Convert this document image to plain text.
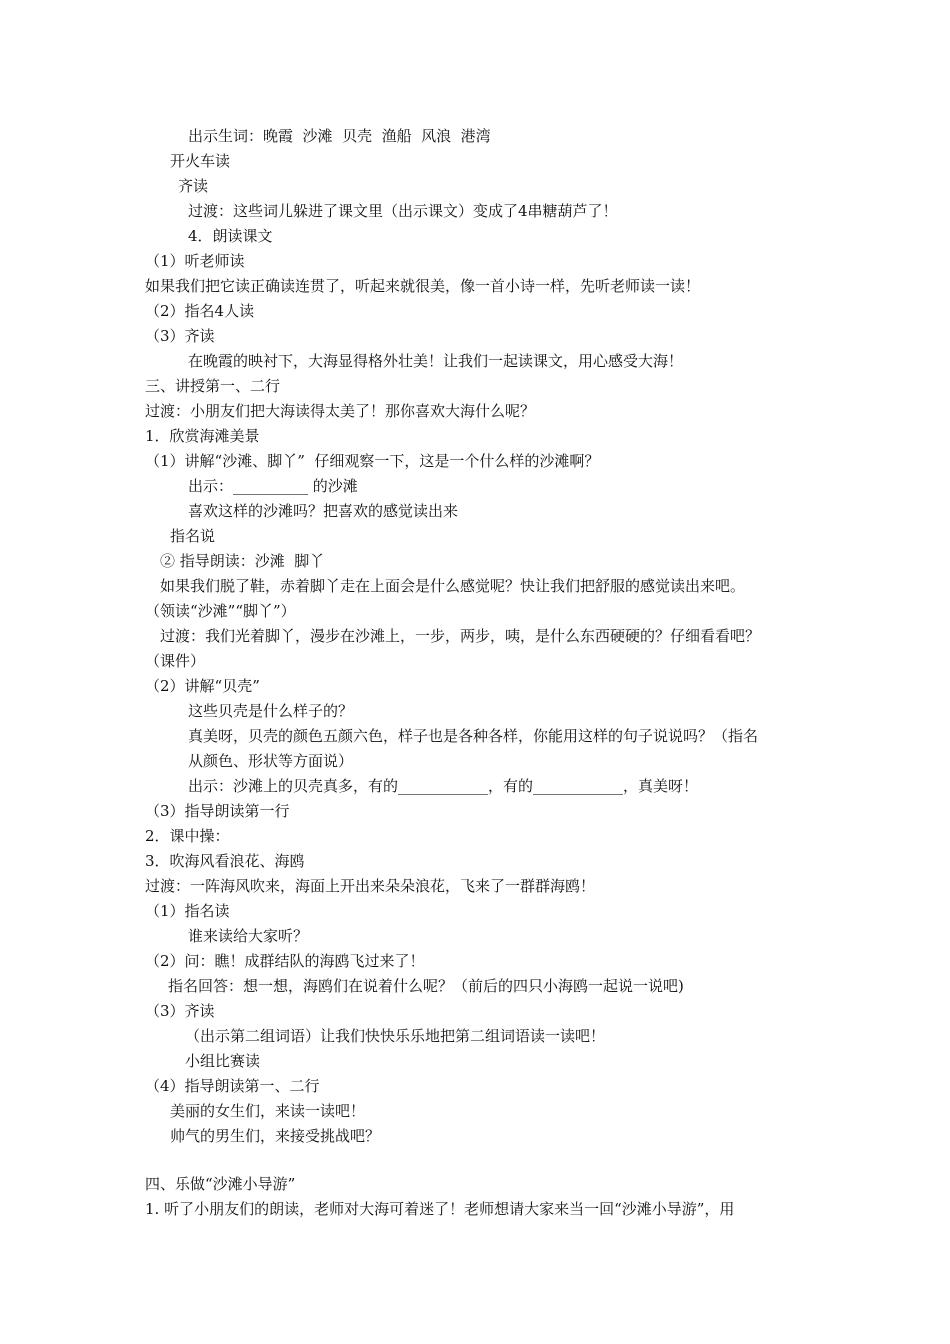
出示生词：晚霞  沙滩  贝壳  渔船  风浪  港湾
开火车读
齐读
过渡：这些词儿躲进了课文里（出示课文）变成了4串糖葫芦了！
4．朗读课文
（1）听老师读
如果我们把它读正确读连贯了，听起来就很美，像一首小诗一样，先听老师读一读！
（2）指名4人读
（3）齐读
在晚霞的映衬下，大海显得格外壮美！让我们一起读课文，用心感受大海！
三、讲授第一、二行
过渡：小朋友们把大海读得太美了！那你喜欢大海什么呢？
1．欣赏海滩美景
（1）讲解“沙滩、脚丫”  仔细观察一下，这是一个什么样的沙滩啊？
出示：__________ 的沙滩
喜欢这样的沙滩吗？把喜欢的感觉读出来
指名说
② 指导朗读：沙滩  脚丫
如果我们脱了鞋，赤着脚丫走在上面会是什么感觉呢？快让我们把舒服的感觉读出来吧。
（领读“沙滩”“脚丫”）
过渡：我们光着脚丫，漫步在沙滩上，一步，两步，咦，是什么东西硬硬的？仔细看看吧？
（课件）
（2）讲解“贝壳”
这些贝壳是什么样子的？
真美呀，贝壳的颜色五颜六色，样子也是各种各样，你能用这样的句子说说吗？（指名
从颜色、形状等方面说）
出示：沙滩上的贝壳真多，有的____________，有的____________，真美呀！
（3）指导朗读第一行
2．课中操：
3．吹海风看浪花、海鸥
过渡：一阵海风吹来，海面上开出来朵朵浪花，飞来了一群群海鸥！
（1）指名读
谁来读给大家听？
（2）问：瞧！成群结队的海鸥飞过来了！
指名回答：想一想，海鸥们在说着什么呢？（前后的四只小海鸥一起说一说吧)
（3）齐读
（出示第二组词语）让我们快快乐乐地把第二组词语读一读吧！
小组比赛读
（4）指导朗读第一、二行
美丽的女生们，来读一读吧！
帅气的男生们，来接受挑战吧？
四、乐做“沙滩小导游”
1. 听了小朋友们的朗读，老师对大海可着迷了！老师想请大家来当一回“沙滩小导游”，用
